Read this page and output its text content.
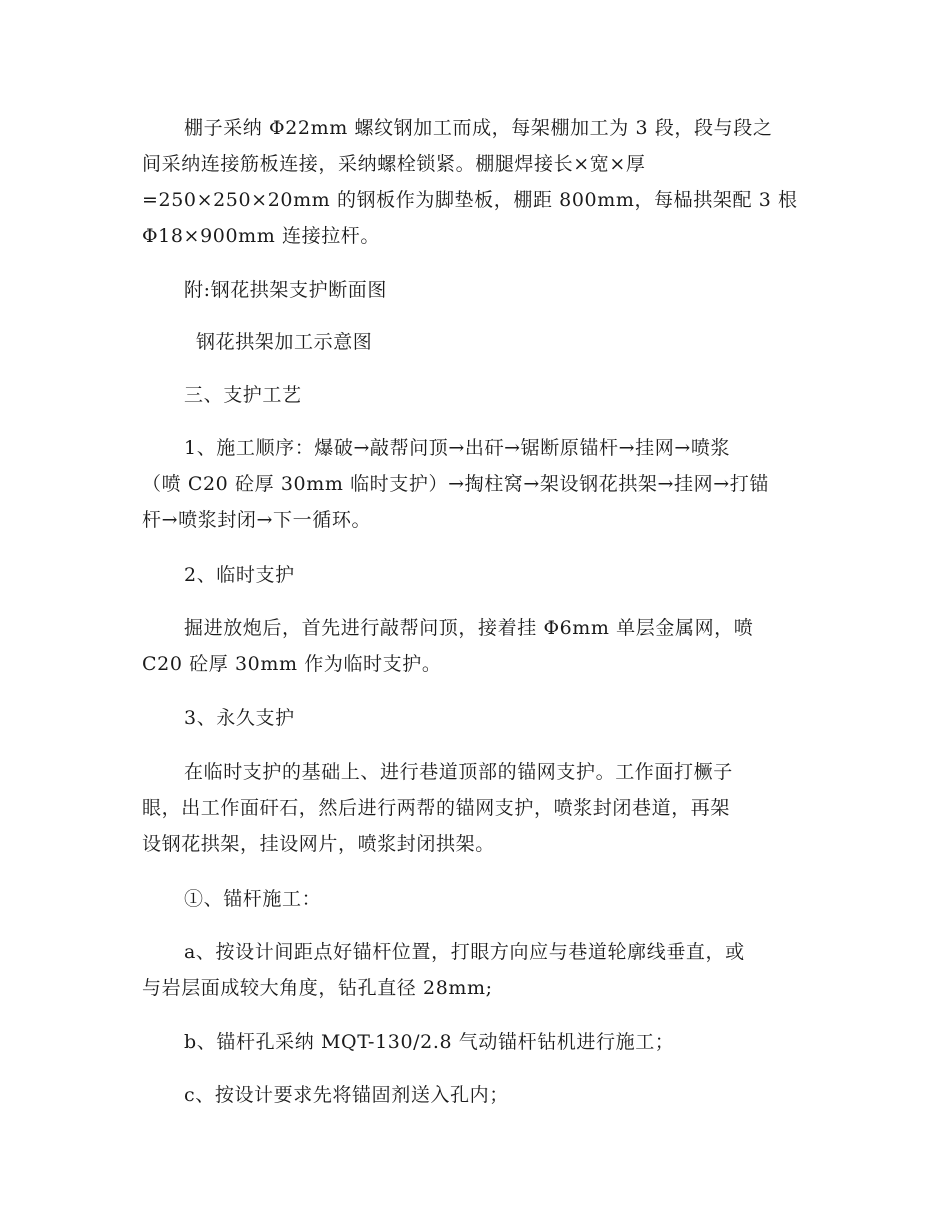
棚子采纳 Φ22mm 螺纹钢加工而成，每架棚加工为 3 段，段与段之
间采纳连接筋板连接，采纳螺栓锁紧。棚腿焊接长×宽×厚
=250×250×20mm 的钢板作为脚垫板，棚距 800mm，每榀拱架配 3 根
Φ18×900mm 连接拉杆。

附:钢花拱架支护断面图

钢花拱架加工示意图

三、支护工艺

1、施工顺序：爆破→敲帮问顶→出矸→锯断原锚杆→挂网→喷浆
（喷 C20 砼厚 30mm 临时支护）→掏柱窝→架设钢花拱架→挂网→打锚
杆→喷浆封闭→下一循环。

2、临时支护

掘进放炮后，首先进行敲帮问顶，接着挂 Φ6mm 单层金属网，喷
C20 砼厚 30mm 作为临时支护。

3、永久支护

在临时支护的基础上、进行巷道顶部的锚网支护。工作面打橛子
眼，出工作面矸石，然后进行两帮的锚网支护，喷浆封闭巷道，再架
设钢花拱架，挂设网片，喷浆封闭拱架。

①、锚杆施工：

a、按设计间距点好锚杆位置，打眼方向应与巷道轮廓线垂直，或
与岩层面成较大角度，钻孔直径 28mm;

b、锚杆孔采纳 MQT-130/2.8 气动锚杆钻机进行施工；

c、按设计要求先将锚固剂送入孔内；
